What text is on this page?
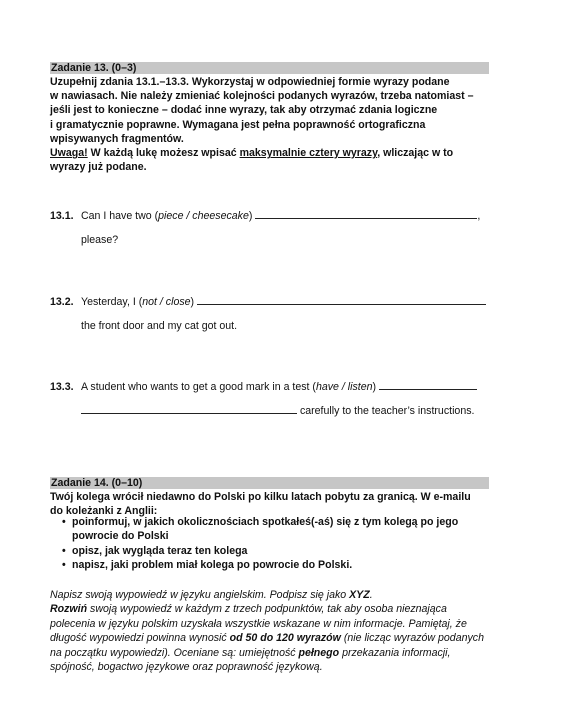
Zadanie 13. (0–3)
Uzupełnij zdania 13.1.–13.3. Wykorzystaj w odpowiedniej formie wyrazy podane
w nawiasach. Nie należy zmieniać kolejności podanych wyrazów, trzeba natomiast –
jeśli jest to konieczne – dodać inne wyrazy, tak aby otrzymać zdania logiczne
i gramatycznie poprawne. Wymagana jest pełna poprawność ortograficzna
wpisywanych fragmentów.
Uwaga! W każdą lukę możesz wpisać maksymalnie cztery wyrazy, wliczając w to
wyrazy już podane.
13.1. Can I have two (piece / cheesecake)	,
please?
13.2. Yesterday, I (not / close)
the front door and my cat got out.
13.3. A student who wants to get a good mark in a test (have / listen)
carefully to the teacher’s instructions.
Zadanie 14. (0–10)
Twój kolega wrócił niedawno do Polski po kilku latach pobytu za granicą. W e-mailu
do koleżanki z Anglii:
• poinformuj, w jakich okolicznościach spotkałeś(-aś) się z tym kolegą po jego
powrocie do Polski
• opisz, jak wygląda teraz ten kolega
• napisz, jaki problem miał kolega po powrocie do Polski.
Napisz swoją wypowiedź w języku angielskim. Podpisz się jako XYZ.
Rozwiń swoją wypowiedź w każdym z trzech podpunktów, tak aby osoba nieznająca
polecenia w języku polskim uzyskała wszystkie wskazane w nim informacje. Pamiętaj, że
długość wypowiedzi powinna wynosić od 50 do 120 wyrazów (nie licząc wyrazów podanych
na początku wypowiedzi). Oceniane są: umiejętność pełnego przekazania informacji,
spójność, bogactwo językowe oraz poprawność językową.
